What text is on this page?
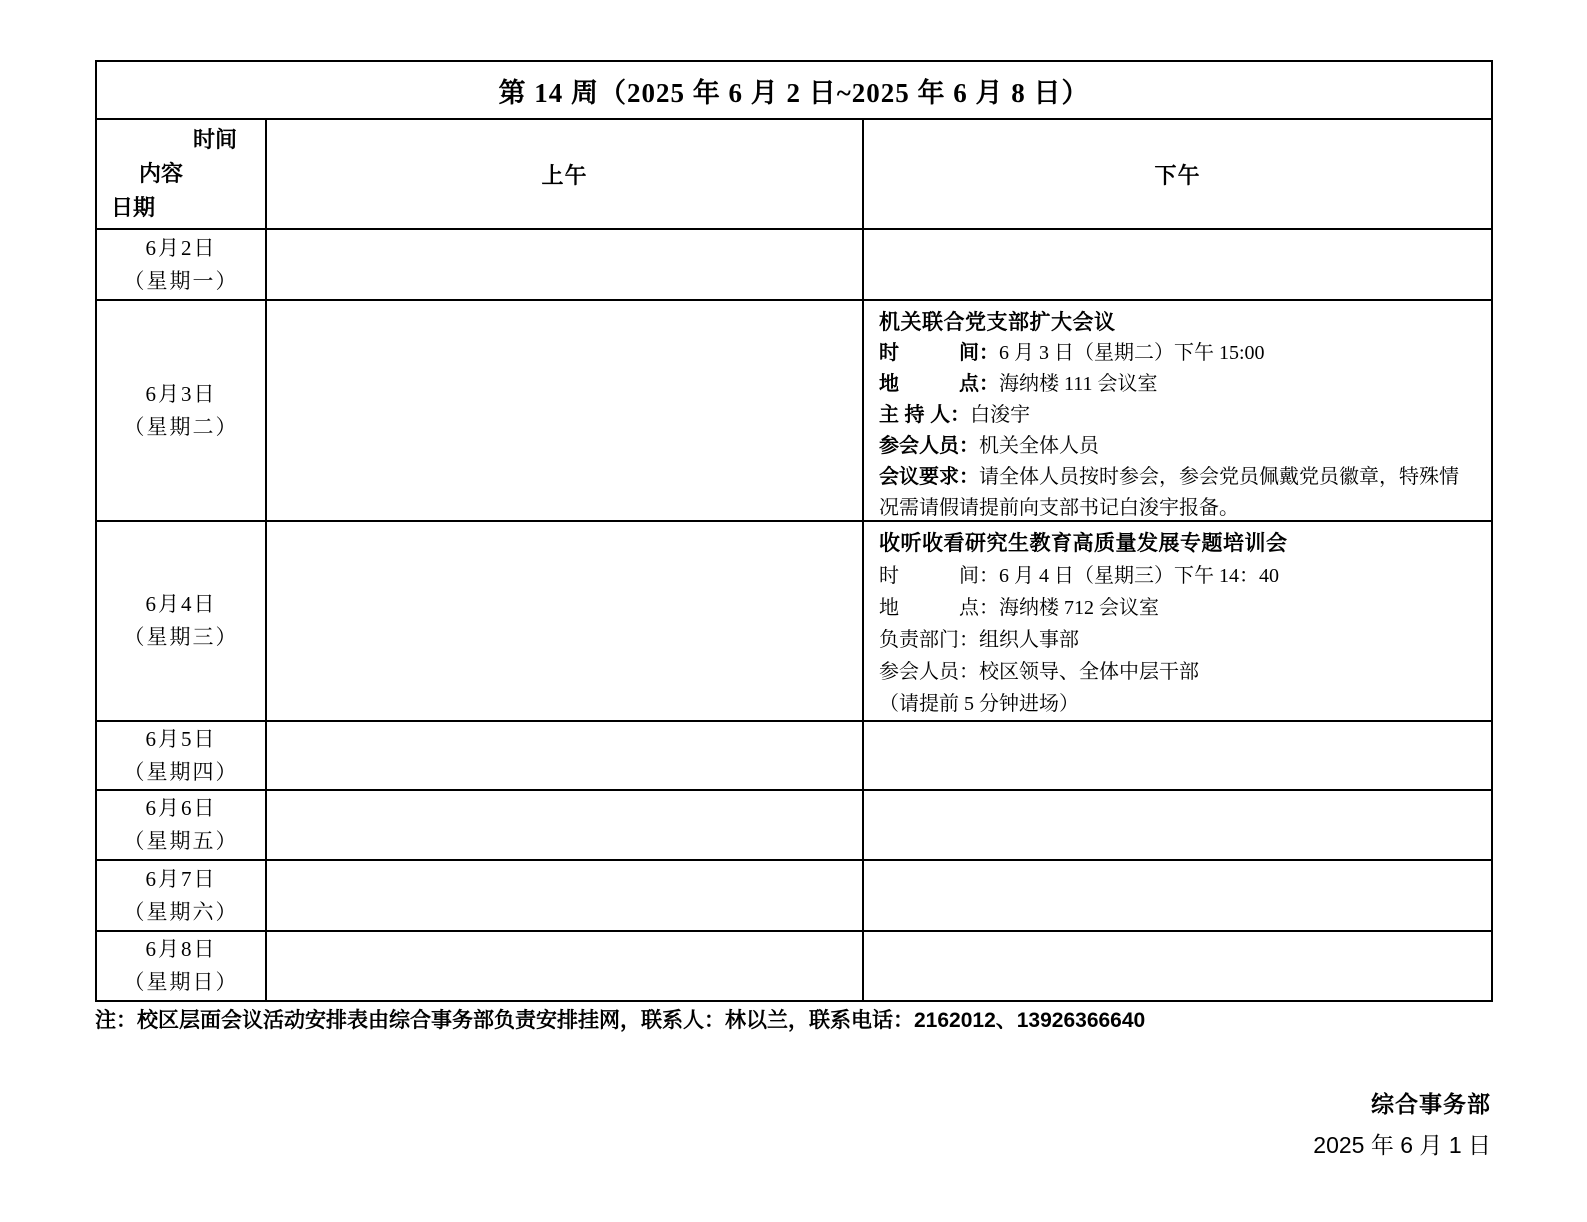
第 14 周（2025 年 6 月 2 日~2025 年 6 月 8 日）
时间
内容
日期
上午	下午
6月2日
（星期一）
6月3日
（星期二）
机关联合党支部扩大会议
时　　　间：6 月 3 日（星期二）下午 15:00
地　　　点：海纳楼 111 会议室
主 持 人：白浚宇
参会人员：机关全体人员
会议要求：请全体人员按时参会，参会党员佩戴党员徽章，特殊情况需请假请提前向支部书记白浚宇报备。
6月4日
（星期三）
收听收看研究生教育高质量发展专题培训会
时　　　间：6 月 4 日（星期三）下午 14：40
地　　　点：海纳楼 712 会议室
负责部门：组织人事部
参会人员：校区领导、全体中层干部
（请提前 5 分钟进场）
6月5日
（星期四）
6月6日
（星期五）
6月7日
（星期六）
6月8日
（星期日）
注：校区层面会议活动安排表由综合事务部负责安排挂网，联系人：林以兰，联系电话：2162012、13926366640
综合事务部
2025 年 6 月 1 日
